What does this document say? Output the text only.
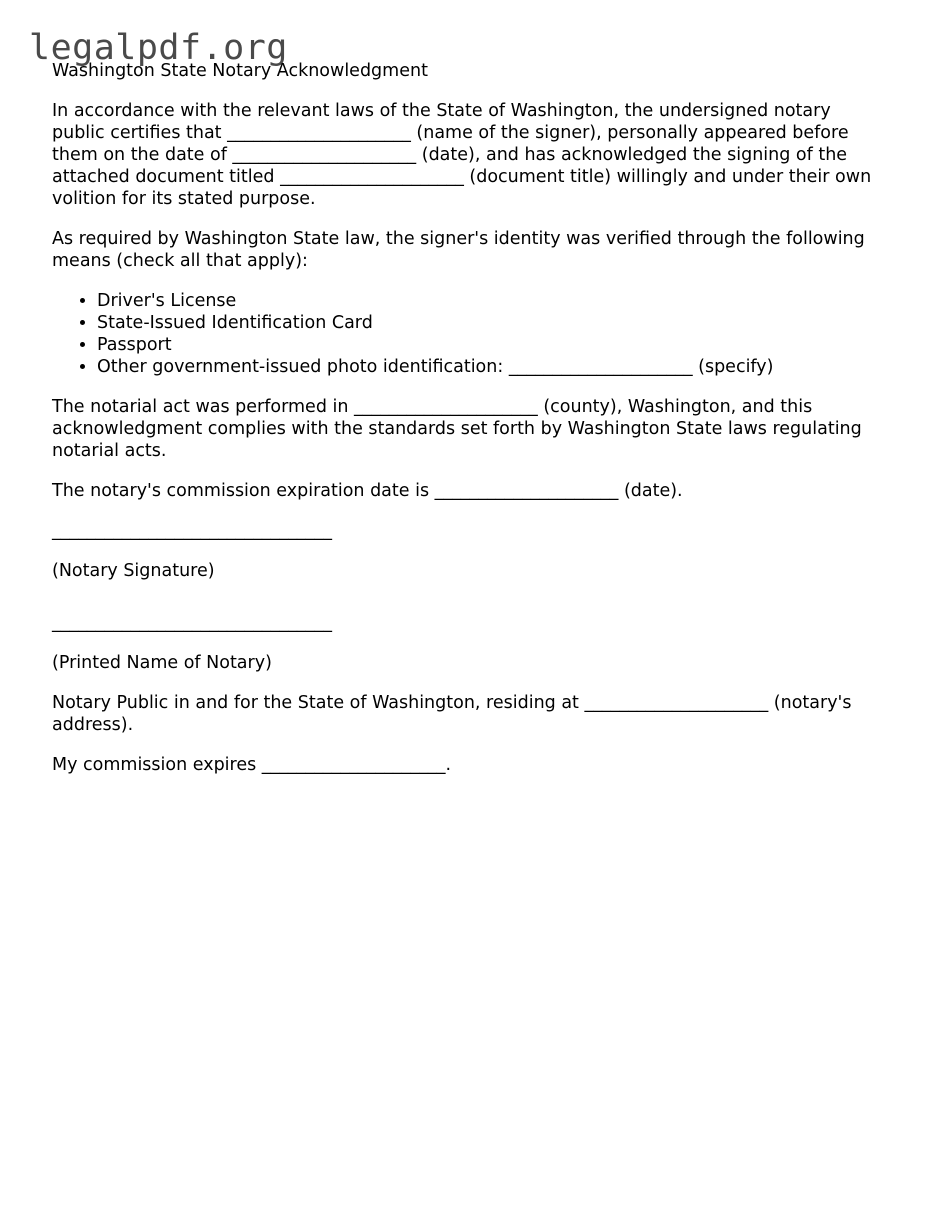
legalpdf.org
Washington State Notary Acknowledgment

In accordance with the relevant laws of the State of Washington, the undersigned notary public certifies that _____________________ (name of the signer), personally appeared before them on the date of _____________________ (date), and has acknowledged the signing of the attached document titled _____________________ (document title) willingly and under their own volition for its stated purpose.

As required by Washington State law, the signer's identity was verified through the following means (check all that apply):

• Driver's License
• State-Issued Identification Card
• Passport
• Other government-issued photo identification: _____________________ (specify)

The notarial act was performed in _____________________ (county), Washington, and this acknowledgment complies with the standards set forth by Washington State laws regulating notarial acts.

The notary's commission expiration date is _____________________ (date).

________________________________

(Notary Signature)

________________________________

(Printed Name of Notary)

Notary Public in and for the State of Washington, residing at _____________________ (notary's address).

My commission expires _____________________.
